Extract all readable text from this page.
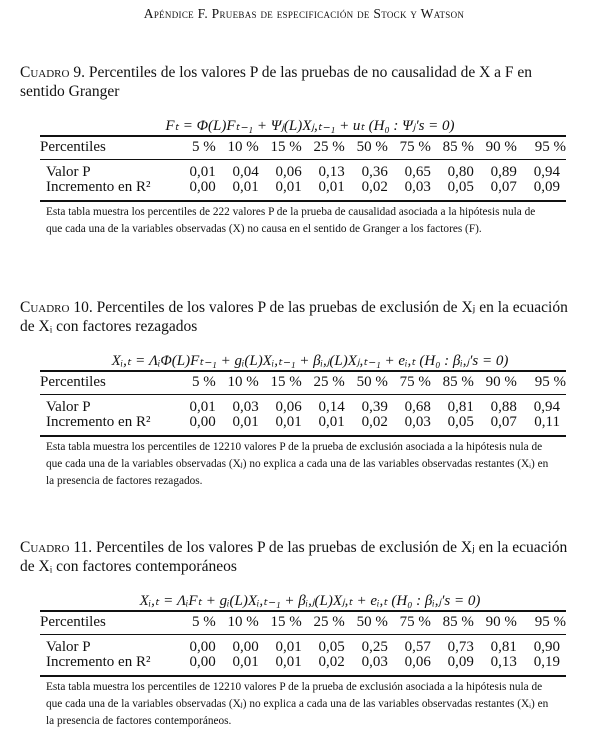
Apéndice F. Pruebas de especificación de Stock y Watson

Cuadro 9. Percentiles de los valores P de las pruebas de no causalidad de X a F en sentido Granger

Fₜ = Φ(L)Fₜ₋₁ + Ψⱼ(L)Xⱼ,ₜ₋₁ + uₜ (H₀ : Ψⱼ′s = 0)
Percentiles	5 %	10 %	15 %	25 %	50 %	75 %	85 %	90 %	95 %
Valor P	0,01	0,04	0,06	0,13	0,36	0,65	0,80	0,89	0,94
Incremento en R²	0,00	0,01	0,01	0,01	0,02	0,03	0,05	0,07	0,09
Esta tabla muestra los percentiles de 222 valores P de la prueba de causalidad asociada a la hipótesis nula de que cada una de la variables observadas (X) no causa en el sentido de Granger a los factores (F).

Cuadro 10. Percentiles de los valores P de las pruebas de exclusión de Xⱼ en la ecuación de Xᵢ con factores rezagados

Xᵢ,ₜ = ΛᵢΦ(L)Fₜ₋₁ + gᵢ(L)Xᵢ,ₜ₋₁ + βᵢ,ⱼ(L)Xⱼ,ₜ₋₁ + eᵢ,ₜ (H₀ : βᵢ,ⱼ′s = 0)
Percentiles	5 %	10 %	15 %	25 %	50 %	75 %	85 %	90 %	95 %
Valor P	0,01	0,03	0,06	0,14	0,39	0,68	0,81	0,88	0,94
Incremento en R²	0,00	0,01	0,01	0,01	0,02	0,03	0,05	0,07	0,11
Esta tabla muestra los percentiles de 12210 valores P de la prueba de exclusión asociada a la hipótesis nula de que cada una de la variables observadas (Xⱼ) no explica a cada una de las variables observadas restantes (Xᵢ) en la presencia de factores rezagados.

Cuadro 11. Percentiles de los valores P de las pruebas de exclusión de Xⱼ en la ecuación de Xᵢ con factores contemporáneos

Xᵢ,ₜ = ΛᵢFₜ + gᵢ(L)Xᵢ,ₜ₋₁ + βᵢ,ⱼ(L)Xⱼ,ₜ + eᵢ,ₜ (H₀ : βᵢ,ⱼ′s = 0)
Percentiles	5 %	10 %	15 %	25 %	50 %	75 %	85 %	90 %	95 %
Valor P	0,00	0,00	0,01	0,05	0,25	0,57	0,73	0,81	0,90
Incremento en R²	0,00	0,01	0,01	0,02	0,03	0,06	0,09	0,13	0,19
Esta tabla muestra los percentiles de 12210 valores P de la prueba de exclusión asociada a la hipótesis nula de que cada una de la variables observadas (Xⱼ) no explica a cada una de las variables observadas restantes (Xᵢ) en la presencia de factores contemporáneos.
